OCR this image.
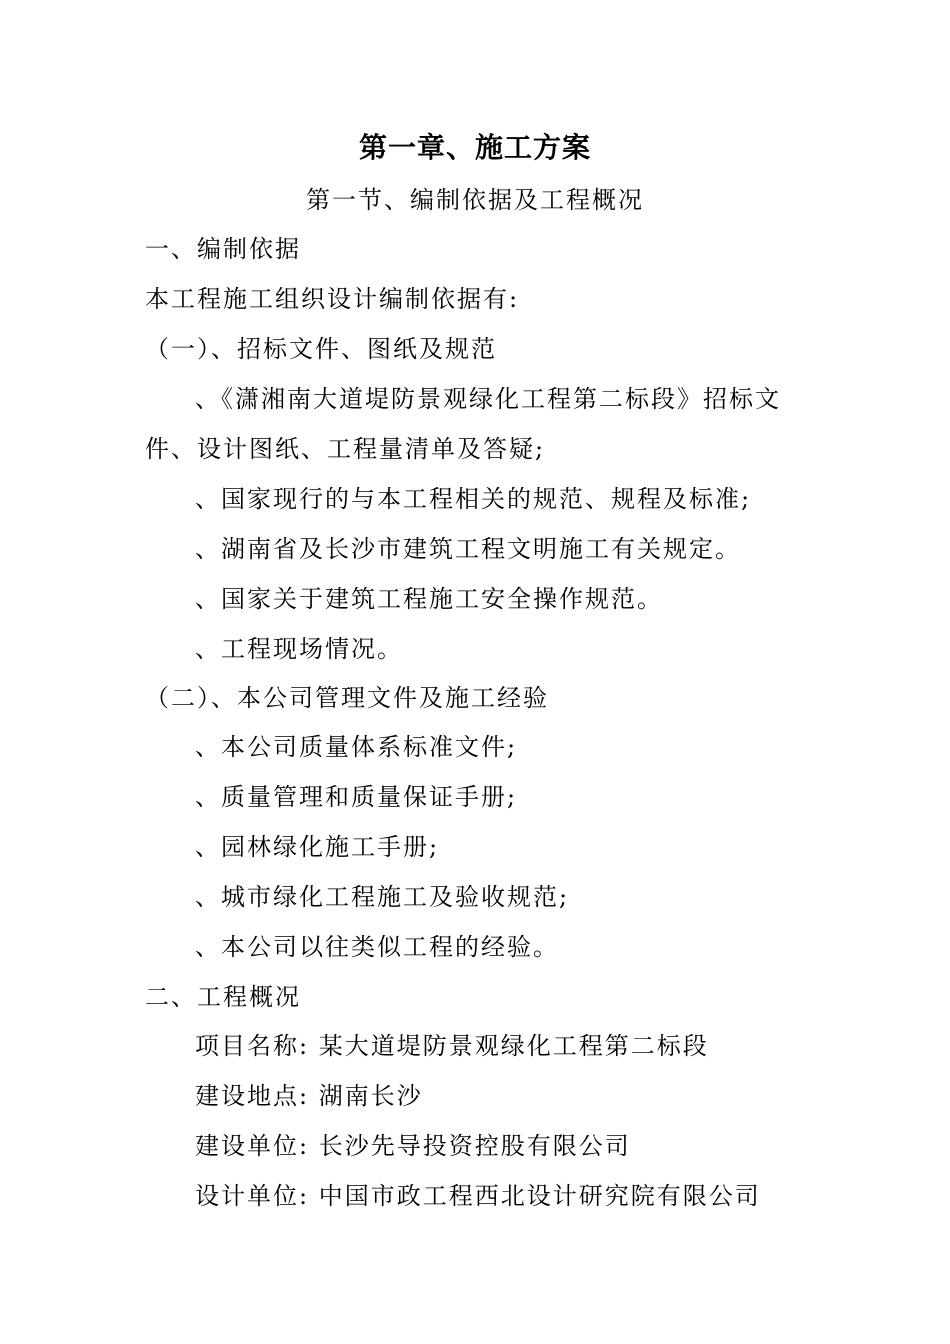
第一章、施工方案
第一节、编制依据及工程概况
一、编制依据
本工程施工组织设计编制依据有:
（一）、招标文件、图纸及规范
、《潇湘南大道堤防景观绿化工程第二标段》招标文
件、设计图纸、工程量清单及答疑;
、国家现行的与本工程相关的规范、规程及标准;
、湖南省及长沙市建筑工程文明施工有关规定。
、国家关于建筑工程施工安全操作规范。
、工程现场情况。
（二）、本公司管理文件及施工经验
、本公司质量体系标准文件;
、质量管理和质量保证手册;
、园林绿化施工手册;
、城市绿化工程施工及验收规范;
、本公司以往类似工程的经验。
二、工程概况
项目名称: 某大道堤防景观绿化工程第二标段
建设地点: 湖南长沙
建设单位: 长沙先导投资控股有限公司
设计单位: 中国市政工程西北设计研究院有限公司
